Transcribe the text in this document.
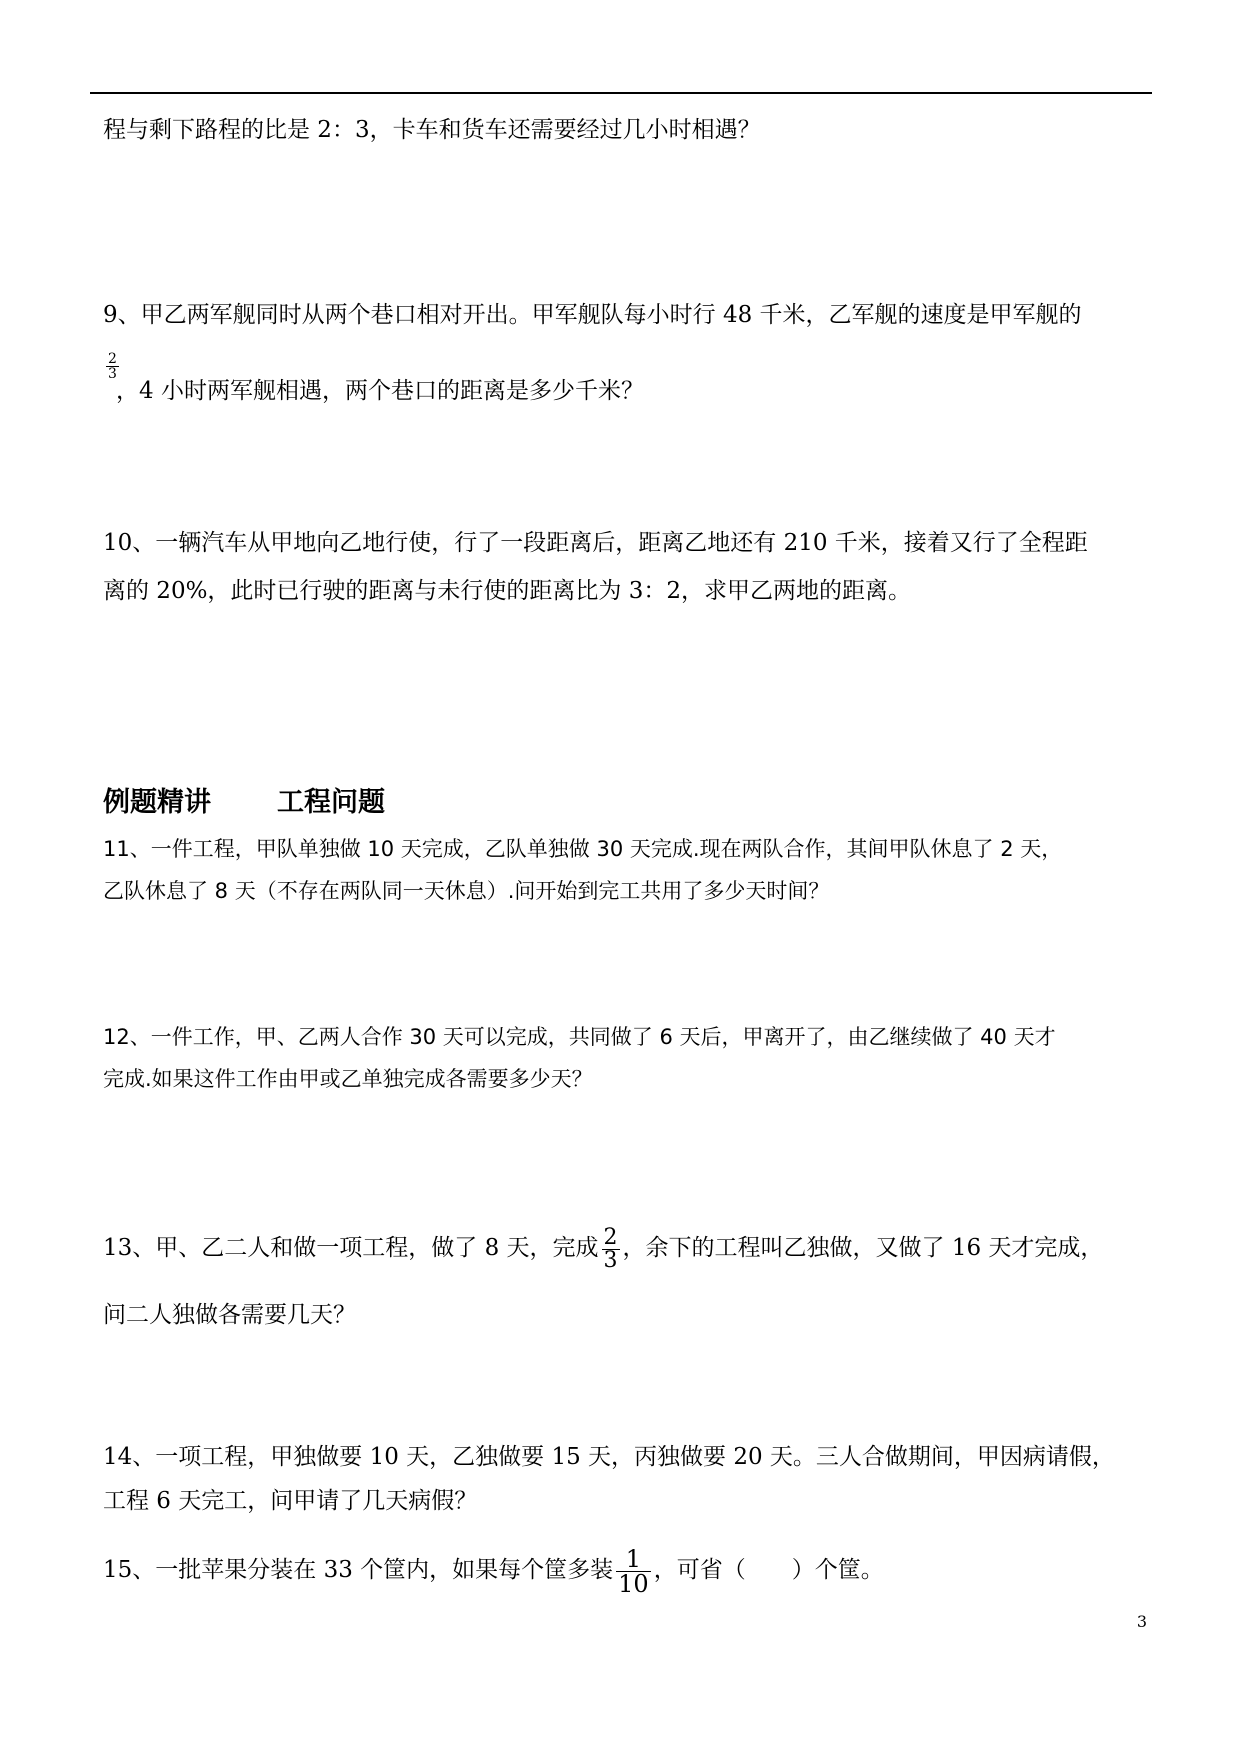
程与剩下路程的比是 2：3，卡车和货车还需要经过几小时相遇？
9、甲乙两军舰同时从两个巷口相对开出。甲军舰队每小时行 48 千米，乙军舰的速度是甲军舰的
2
3
，4 小时两军舰相遇，两个巷口的距离是多少千米？
10、一辆汽车从甲地向乙地行使，行了一段距离后，距离乙地还有 210 千米，接着又行了全程距
离的 20%，此时已行驶的距离与未行使的距离比为 3：2，求甲乙两地的距离。
例题精讲 工程问题
11、一件工程，甲队单独做 10 天完成，乙队单独做 30 天完成.现在两队合作，其间甲队休息了 2 天，
乙队休息了 8 天（不存在两队同一天休息）.问开始到完工共用了多少天时间？
12、一件工作，甲、乙两人合作 30 天可以完成，共同做了 6 天后，甲离开了，由乙继续做了 40 天才
完成.如果这件工作由甲或乙单独完成各需要多少天？
13、甲、乙二人和做一项工程，做了 8 天，完成 $\frac{2}{3}$ ，余下的工程叫乙独做，又做了 16 天才完成，
问二人独做各需要几天？
14、一项工程，甲独做要 10 天，乙独做要 15 天，丙独做要 20 天。三人合做期间，甲因病请假，
工程 6 天完工，问甲请了几天病假？
15、一批苹果分装在 33 个筐内，如果每个筐多装 $\frac{1}{10}$ ，可省（　　）个筐。
3
